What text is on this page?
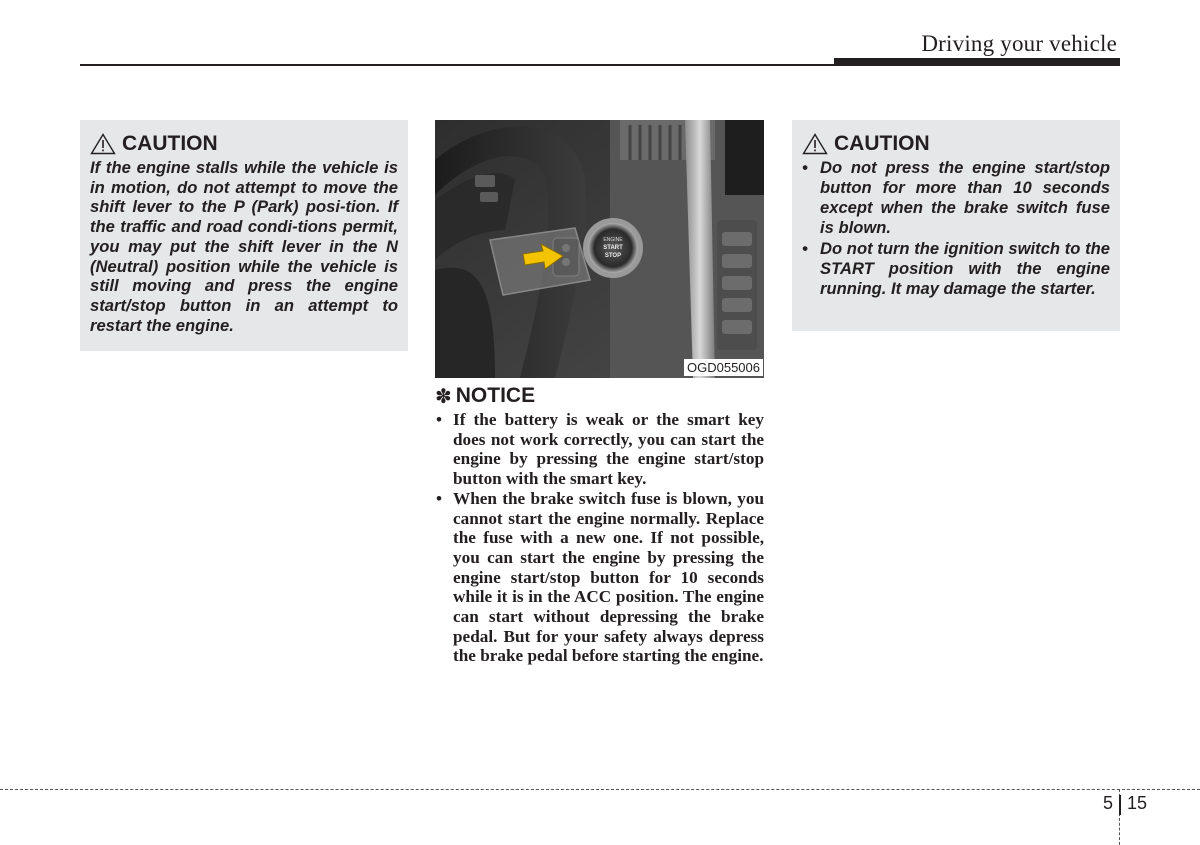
Driving your vehicle
CAUTION
If the engine stalls while the vehicle is in motion, do not attempt to move the shift lever to the P (Park) posi-tion. If the traffic and road condi-tions permit, you may put the shift lever in the N (Neutral) position while the vehicle is still moving and press the engine start/stop button in an attempt to restart the engine.
ENGINE
START
STOP
OGD055006
✽ NOTICE
• If the battery is weak or the smart key does not work correctly, you can start the engine by pressing the engine start/stop button with the smart key.
• When the brake switch fuse is blown, you cannot start the engine normally. Replace the fuse with a new one. If not possible, you can start the engine by pressing the engine start/stop button for 10 seconds while it is in the ACC position. The engine can start without depressing the brake pedal. But for your safety always depress the brake pedal before starting the engine.
CAUTION
• Do not press the engine start/stop button for more than 10 seconds except when the brake switch fuse is blown.
• Do not turn the ignition switch to the START position with the engine running. It may damage the starter.
5 15
